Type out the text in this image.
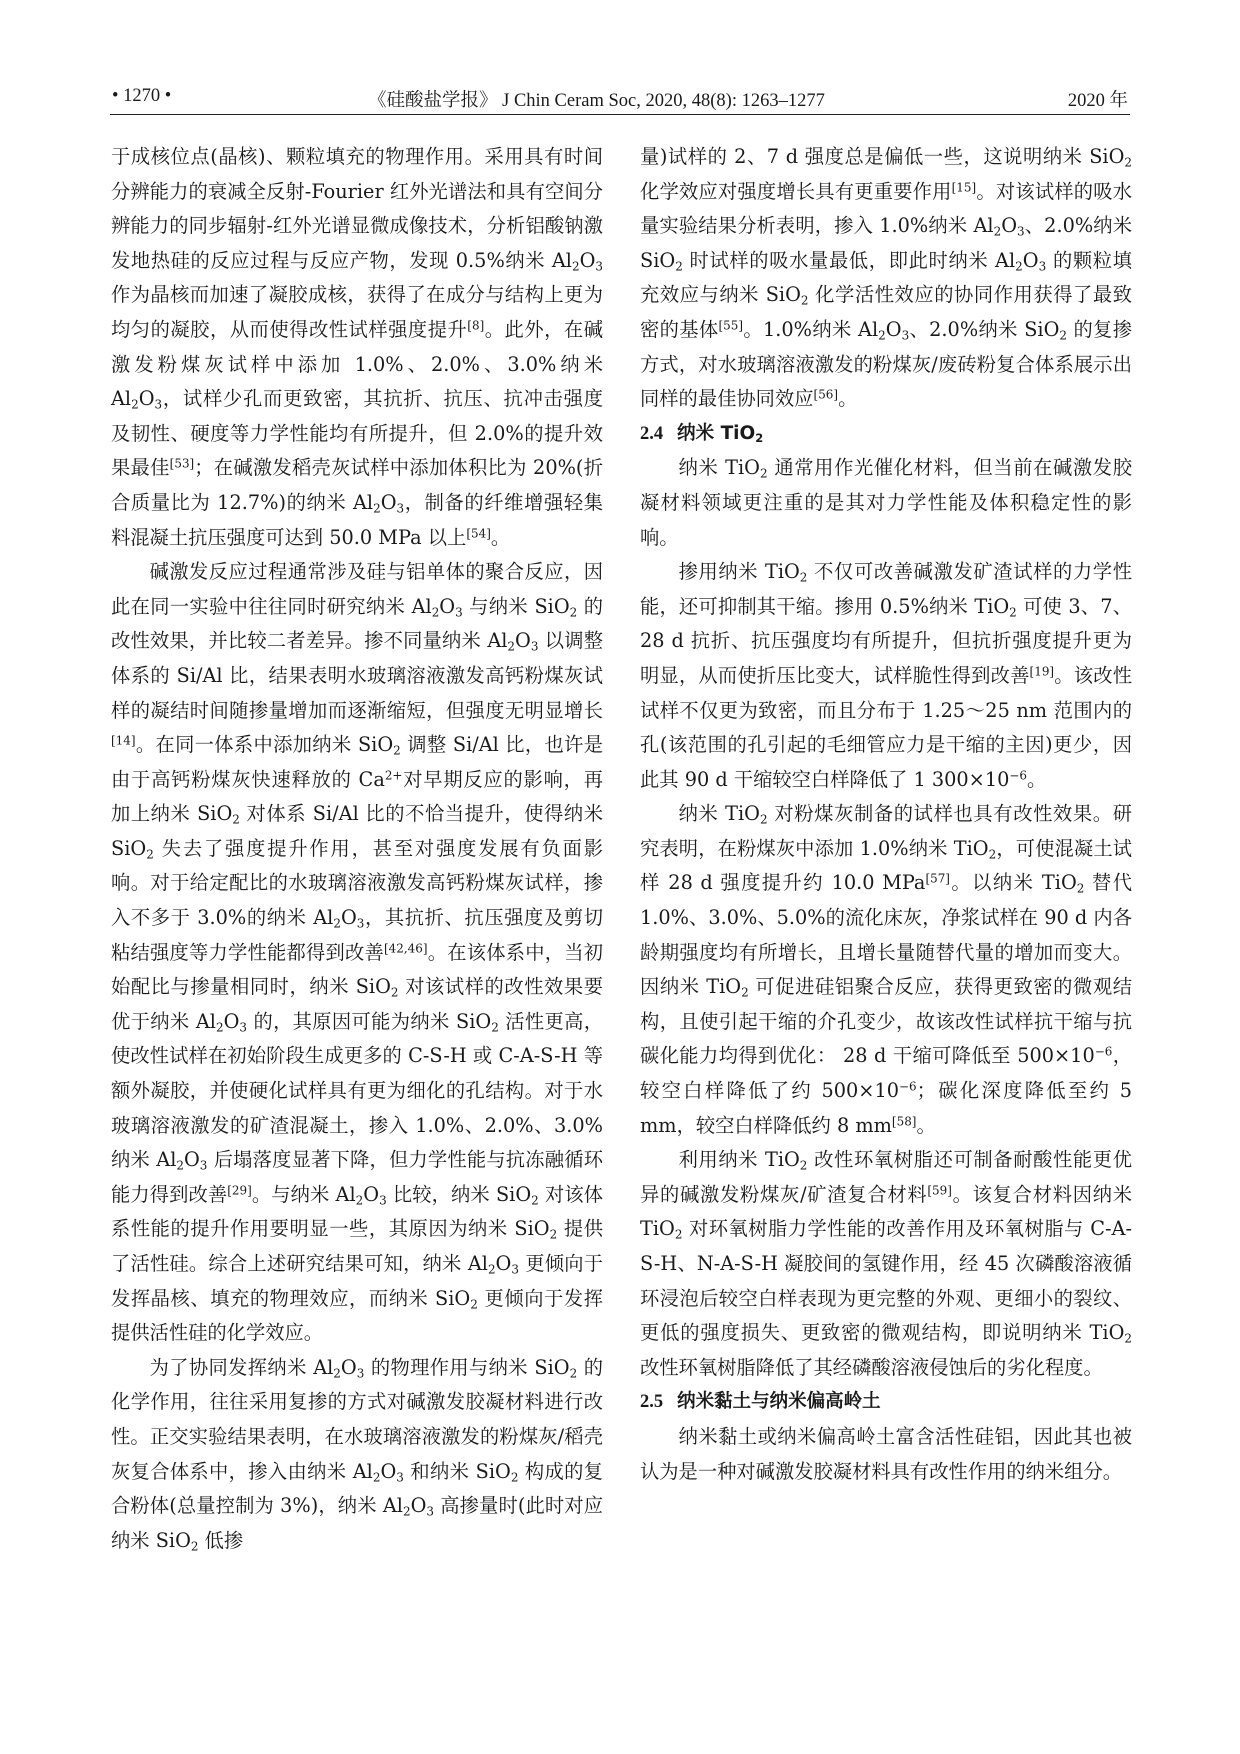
• 1270 •	《硅酸盐学报》 J Chin Ceram Soc, 2020, 48(8): 1263–1277	2020 年

于成核位点(晶核)、颗粒填充的物理作用。采用具有时间分辨能力的衰减全反射-Fourier 红外光谱法和具有空间分辨能力的同步辐射-红外光谱显微成像技术，分析铝酸钠激发地热硅的反应过程与反应产物，发现 0.5%纳米 $Al_2O_3$ 作为晶核而加速了凝胶成核，获得了在成分与结构上更为均匀的凝胶，从而使得改性试样强度提升[8]。此外，在碱激发粉煤灰试样中添加 1.0%、2.0%、3.0%纳米 $Al_2O_3$，试样少孔而更致密，其抗折、抗压、抗冲击强度及韧性、硬度等力学性能均有所提升，但 2.0%的提升效果最佳[53]；在碱激发稻壳灰试样中添加体积比为 20%(折合质量比为 12.7%)的纳米 $Al_2O_3$，制备的纤维增强轻集料混凝土抗压强度可达到 50.0 MPa 以上[54]。

碱激发反应过程通常涉及硅与铝单体的聚合反应，因此在同一实验中往往同时研究纳米 $Al_2O_3$ 与纳米 SiO$_2$ 的改性效果，并比较二者差异。掺不同量纳米 $Al_2O_3$ 以调整体系的 Si/Al 比，结果表明水玻璃溶液激发高钙粉煤灰试样的凝结时间随掺量增加而逐渐缩短，但强度无明显增长[14]。在同一体系中添加纳米 SiO$_2$ 调整 Si/Al 比，也许是由于高钙粉煤灰快速释放的 $Ca^{2+}$对早期反应的影响，再加上纳米 SiO$_2$ 对体系 Si/Al 比的不恰当提升，使得纳米 SiO$_2$ 失去了强度提升作用，甚至对强度发展有负面影响。对于给定配比的水玻璃溶液激发高钙粉煤灰试样，掺入不多于 3.0%的纳米 $Al_2O_3$，其抗折、抗压强度及剪切粘结强度等力学性能都得到改善[42,46]。在该体系中，当初始配比与掺量相同时，纳米 SiO$_2$ 对该试样的改性效果要优于纳米 $Al_2O_3$ 的，其原因可能为纳米 SiO$_2$ 活性更高，使改性试样在初始阶段生成更多的 C-S-H 或 C-A-S-H 等额外凝胶，并使硬化试样具有更为细化的孔结构。对于水玻璃溶液激发的矿渣混凝土，掺入 1.0%、2.0%、3.0%纳米 $Al_2O_3$ 后塌落度显著下降，但力学性能与抗冻融循环能力得到改善[29]。与纳米 $Al_2O_3$ 比较，纳米 SiO$_2$ 对该体系性能的提升作用要明显一些，其原因为纳米 SiO$_2$ 提供了活性硅。综合上述研究结果可知，纳米 $Al_2O_3$ 更倾向于发挥晶核、填充的物理效应，而纳米 SiO$_2$ 更倾向于发挥提供活性硅的化学效应。

为了协同发挥纳米 $Al_2O_3$ 的物理作用与纳米 SiO$_2$ 的化学作用，往往采用复掺的方式对碱激发胶凝材料进行改性。正交实验结果表明，在水玻璃溶液激发的粉煤灰/稻壳灰复合体系中，掺入由纳米 $Al_2O_3$ 和纳米 SiO$_2$ 构成的复合粉体(总量控制为 3%)，纳米 $Al_2O_3$ 高掺量时(此时对应纳米 SiO$_2$ 低掺

量)试样的 2、7 d 强度总是偏低一些，这说明纳米 SiO$_2$ 化学效应对强度增长具有更重要作用[15]。对该试样的吸水量实验结果分析表明，掺入 1.0%纳米 $Al_2O_3$、2.0%纳米 SiO$_2$ 时试样的吸水量最低，即此时纳米 $Al_2O_3$ 的颗粒填充效应与纳米 SiO$_2$ 化学活性效应的协同作用获得了最致密的基体[55]。1.0%纳米 $Al_2O_3$、2.0%纳米 SiO$_2$ 的复掺方式，对水玻璃溶液激发的粉煤灰/废砖粉复合体系展示出同样的最佳协同效应[56]。

2.4 纳米 TiO$_2$

纳米 TiO$_2$ 通常用作光催化材料，但当前在碱激发胶凝材料领域更注重的是其对力学性能及体积稳定性的影响。

掺用纳米 TiO$_2$ 不仅可改善碱激发矿渣试样的力学性能，还可抑制其干缩。掺用 0.5%纳米 TiO$_2$ 可使 3、7、28 d 抗折、抗压强度均有所提升，但抗折强度提升更为明显，从而使折压比变大，试样脆性得到改善[19]。该改性试样不仅更为致密，而且分布于 1.25～25 nm 范围内的孔(该范围的孔引起的毛细管应力是干缩的主因)更少，因此其 90 d 干缩较空白样降低了 1 $300\times 10^{-6}$。

纳米 TiO$_2$ 对粉煤灰制备的试样也具有改性效果。研究表明，在粉煤灰中添加 1.0%纳米 TiO$_2$，可使混凝土试样 28 d 强度提升约 10.0 MPa[57]。以纳米 TiO$_2$ 替代 1.0%、3.0%、5.0%的流化床灰，净浆试样在 90 d 内各龄期强度均有所增长，且增长量随替代量的增加而变大。因纳米 TiO$_2$ 可促进硅铝聚合反应，获得更致密的微观结构，且使引起干缩的介孔变少，故该改性试样抗干缩与抗碳化能力均得到优化： 28 d 干缩可降低至 $500\times 10^{-6}$，较空白样降低了约 $500\times 10^{-6}$；碳化深度降低至约 5 mm，较空白样降低约 8 mm[58]。

利用纳米 TiO$_2$ 改性环氧树脂还可制备耐酸性能更优异的碱激发粉煤灰/矿渣复合材料[59]。该复合材料因纳米 TiO$_2$ 对环氧树脂力学性能的改善作用及环氧树脂与 C-A-S-H、N-A-S-H 凝胶间的氢键作用，经 45 次磷酸溶液循环浸泡后较空白样表现为更完整的外观、更细小的裂纹、更低的强度损失、更致密的微观结构，即说明纳米 TiO$_2$ 改性环氧树脂降低了其经磷酸溶液侵蚀后的劣化程度。

2.5 纳米黏土与纳米偏高岭土

纳米黏土或纳米偏高岭土富含活性硅铝，因此其也被认为是一种对碱激发胶凝材料具有改性作用的纳米组分。
